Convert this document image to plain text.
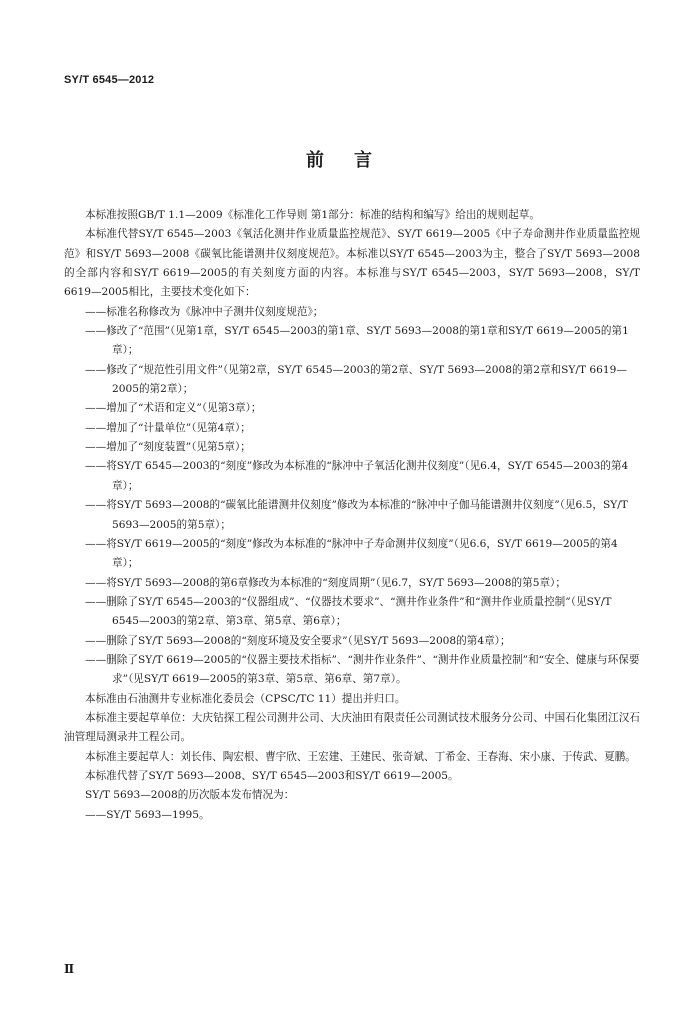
SY/T 6545—2012
前言

本标准按照GB/T 1.1—2009《标准化工作导则 第1部分：标准的结构和编写》给出的规则起草。

本标准代替SY/T 6545—2003《氧活化测井作业质量监控规范》、SY/T 6619—2005《中子寿命测井作业质量监控规范》和SY/T 5693—2008《碳氧比能谱测井仪刻度规范》。本标准以SY/T 6545—2003为主，整合了SY/T 5693—2008的全部内容和SY/T 6619—2005的有关刻度方面的内容。本标准与SY/T 6545—2003，SY/T 5693—2008，SY/T 6619—2005相比，主要技术变化如下：

——标准名称修改为《脉冲中子测井仪刻度规范》；

——修改了“范围”（见第1章，SY/T 6545—2003的第1章、SY/T 5693—2008的第1章和SY/T 6619—2005的第1章）；

——修改了“规范性引用文件”（见第2章，SY/T 6545—2003的第2章、SY/T 5693—2008的第2章和SY/T 6619—2005的第2章）；

——增加了“术语和定义”（见第3章）；

——增加了“计量单位”（见第4章）；

——增加了“刻度装置”（见第5章）；

——将SY/T 6545—2003的“刻度”修改为本标准的“脉冲中子氧活化测井仪刻度”（见6.4，SY/T 6545—2003的第4章）；

——将SY/T 5693—2008的“碳氧比能谱测井仪刻度”修改为本标准的“脉冲中子伽马能谱测井仪刻度”（见6.5，SY/T 5693—2005的第5章）；

——将SY/T 6619—2005的“刻度”修改为本标准的“脉冲中子寿命测井仪刻度”（见6.6，SY/T 6619—2005的第4章）；

——将SY/T 5693—2008的第6章修改为本标准的“刻度周期”（见6.7，SY/T 5693—2008的第5章）；

——删除了SY/T 6545—2003的“仪器组成”、“仪器技术要求”、“测井作业条件”和“测井作业质量控制”（见SY/T 6545—2003的第2章、第3章、第5章、第6章）；

——删除了SY/T 5693—2008的“刻度环境及安全要求”（见SY/T 5693—2008的第4章）；

——删除了SY/T 6619—2005的“仪器主要技术指标”、“测井作业条件”、“测井作业质量控制”和“安全、健康与环保要求”（见SY/T 6619—2005的第3章、第5章、第6章、第7章）。

本标准由石油测井专业标准化委员会（CPSC/TC 11）提出并归口。

本标准主要起草单位：大庆钻探工程公司测井公司、大庆油田有限责任公司测试技术服务分公司、中国石化集团江汉石油管理局测录井工程公司。

本标准主要起草人：刘长伟、陶宏根、曹宇欣、王宏建、王建民、张奇斌、丁希金、王春海、宋小康、于传武、夏鹏。

本标准代替了SY/T 5693—2008、SY/T 6545—2003和SY/T 6619—2005。

SY/T 5693—2008的历次版本发布情况为：

——SY/T 5693—1995。

Ⅱ
